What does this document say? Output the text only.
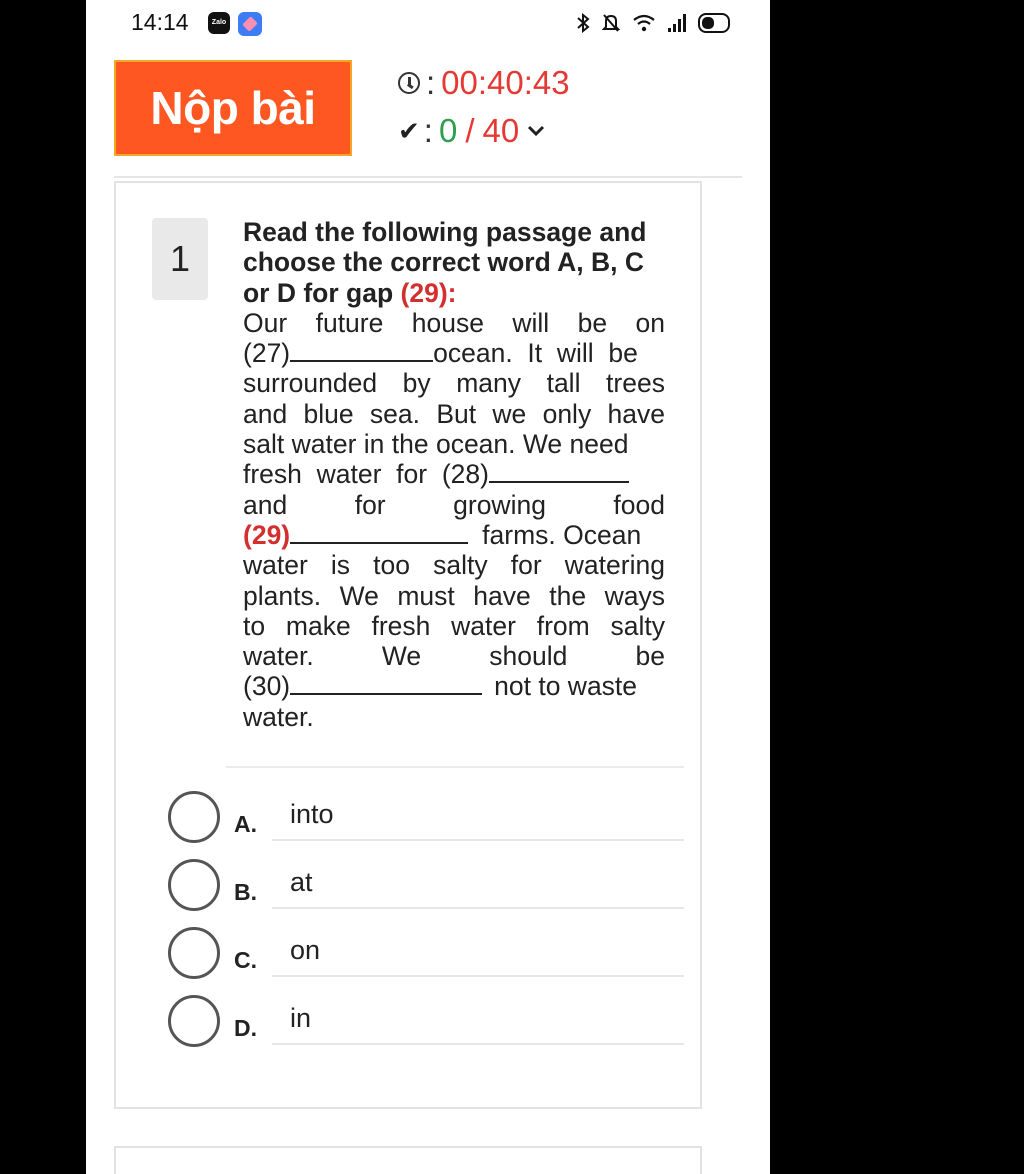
14:14	Zalo
Nộp bài	: 00:40:43
✔ : 0 / 40
1
Read the following passage and choose the correct word A, B, C or D for gap (29):
Our future house will be on
(27)	ocean.  It  will  be
surrounded by many tall trees
and blue sea. But we only have
salt water in the ocean. We need
fresh  water  for  (28)
and	for	growing	food
(29)	farms. Ocean
water is too salty for watering
plants. We must have the ways
to make fresh water from salty
water.	We	should	be
(30)	not to waste
water.
A. into
B. at
C. on
D. in
